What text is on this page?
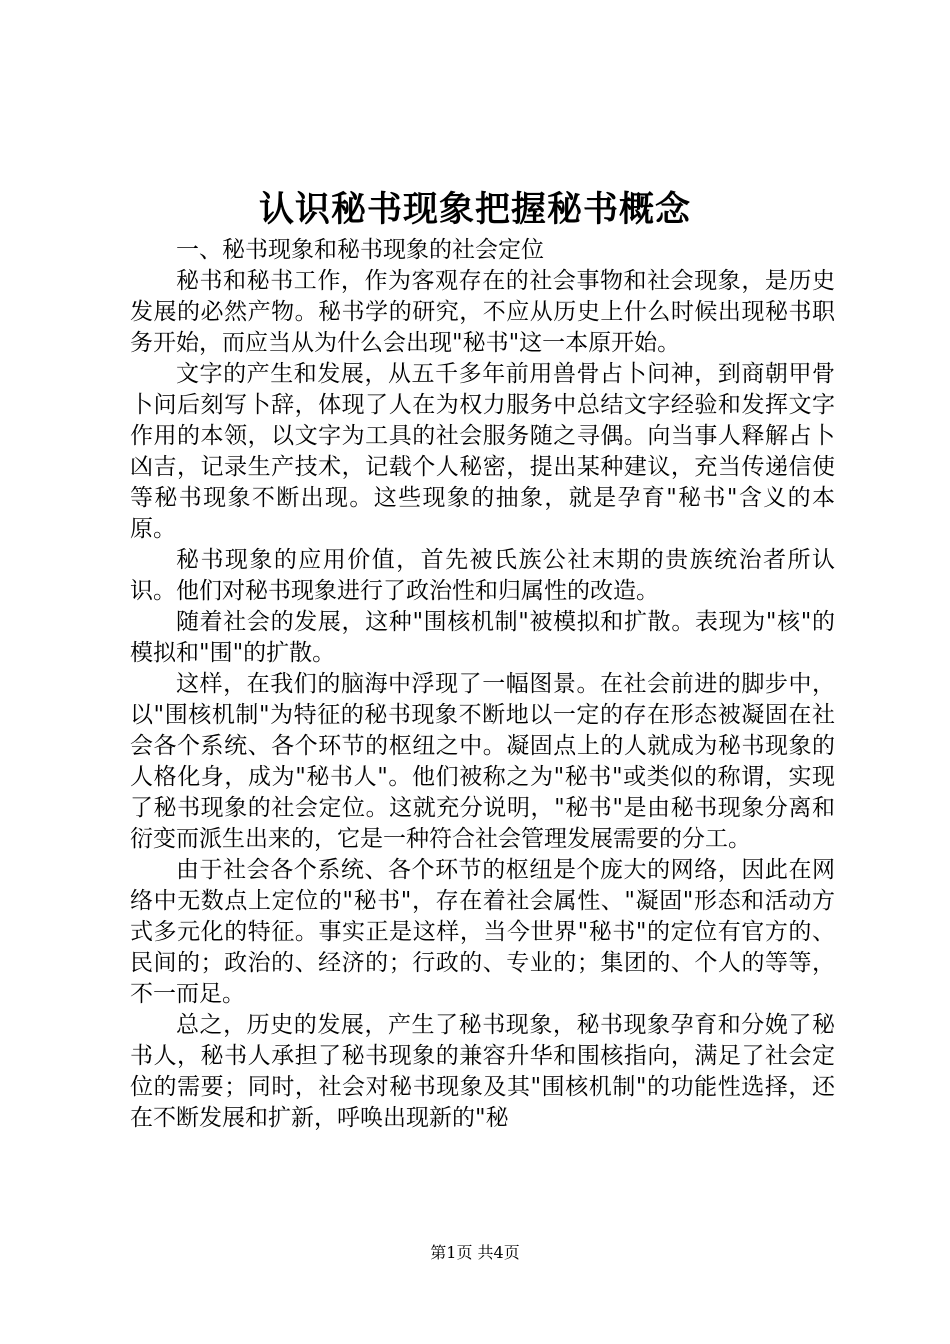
认识秘书现象把握秘书概念

一、秘书现象和秘书现象的社会定位

秘书和秘书工作，作为客观存在的社会事物和社会现象，是历史发展的必然产物。秘书学的研究，不应从历史上什么时候出现秘书职务开始，而应当从为什么会出现"秘书"这一本原开始。

文字的产生和发展，从五千多年前用兽骨占卜问神，到商朝甲骨卜问后刻写卜辞，体现了人在为权力服务中总结文字经验和发挥文字作用的本领，以文字为工具的社会服务随之寻偶。向当事人释解占卜凶吉，记录生产技术，记载个人秘密，提出某种建议，充当传递信使等秘书现象不断出现。这些现象的抽象，就是孕育"秘书"含义的本原。

秘书现象的应用价值，首先被氏族公社末期的贵族统治者所认识。他们对秘书现象进行了政治性和归属性的改造。

随着社会的发展，这种"围核机制"被模拟和扩散。表现为"核"的模拟和"围"的扩散。

这样，在我们的脑海中浮现了一幅图景。在社会前进的脚步中，以"围核机制"为特征的秘书现象不断地以一定的存在形态被凝固在社会各个系统、各个环节的枢纽之中。凝固点上的人就成为秘书现象的人格化身，成为"秘书人"。他们被称之为"秘书"或类似的称谓，实现了秘书现象的社会定位。这就充分说明，"秘书"是由秘书现象分离和衍变而派生出来的，它是一种符合社会管理发展需要的分工。

由于社会各个系统、各个环节的枢纽是个庞大的网络，因此在网络中无数点上定位的"秘书"，存在着社会属性、"凝固"形态和活动方式多元化的特征。事实正是这样，当今世界"秘书"的定位有官方的、民间的；政治的、经济的；行政的、专业的；集团的、个人的等等，不一而足。

总之，历史的发展，产生了秘书现象，秘书现象孕育和分娩了秘书人，秘书人承担了秘书现象的兼容升华和围核指向，满足了社会定位的需要；同时，社会对秘书现象及其"围核机制"的功能性选择，还在不断发展和扩新，呼唤出现新的"秘

第1页 共4页
